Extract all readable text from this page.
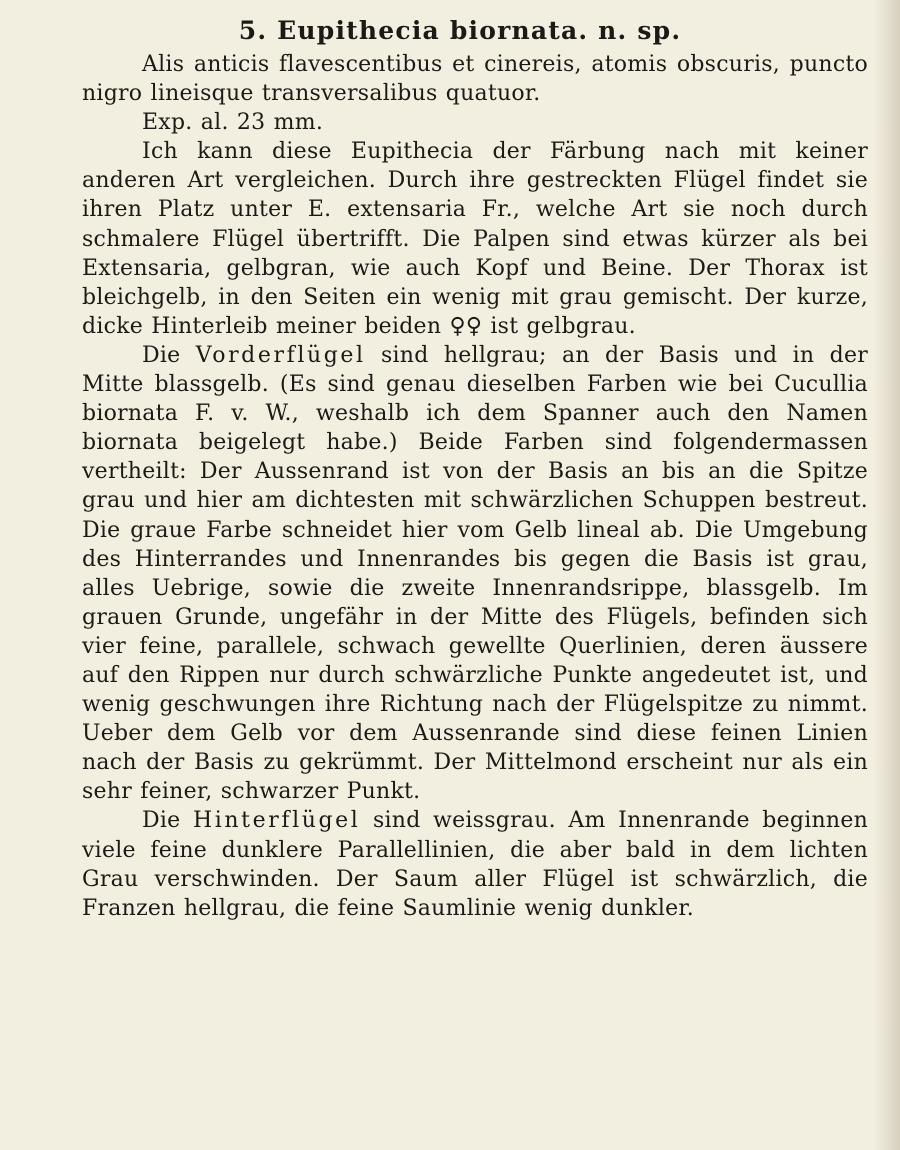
5. Eupithecia biornata. n. sp.

Alis anticis flavescentibus et cinereis, atomis obscuris, puncto nigro lineisque transversalibus quatuor.

Exp. al. 23 mm.

Ich kann diese Eupithecia der Färbung nach mit keiner anderen Art vergleichen. Durch ihre gestreckten Flügel findet sie ihren Platz unter E. extensaria Fr., welche Art sie noch durch schmalere Flügel übertrifft. Die Palpen sind etwas kürzer als bei Extensaria, gelbgran, wie auch Kopf und Beine. Der Thorax ist bleichgelb, in den Seiten ein wenig mit grau gemischt. Der kurze, dicke Hinterleib meiner beiden ♀♀ ist gelbgrau.

Die Vorderflügel sind hellgrau; an der Basis und in der Mitte blassgelb. (Es sind genau dieselben Farben wie bei Cucullia biornata F. v. W., weshalb ich dem Spanner auch den Namen biornata beigelegt habe.) Beide Farben sind folgendermassen vertheilt: Der Aussenrand ist von der Basis an bis an die Spitze grau und hier am dichtesten mit schwärzlichen Schuppen bestreut. Die graue Farbe schneidet hier vom Gelb lineal ab. Die Umgebung des Hinterrandes und Innenrandes bis gegen die Basis ist grau, alles Uebrige, sowie die zweite Innenrandsrippe, blassgelb. Im grauen Grunde, ungefähr in der Mitte des Flügels, befinden sich vier feine, parallele, schwach gewellte Querlinien, deren äussere auf den Rippen nur durch schwärzliche Punkte angedeutet ist, und wenig geschwungen ihre Richtung nach der Flügelspitze zu nimmt. Ueber dem Gelb vor dem Aussenrande sind diese feinen Linien nach der Basis zu gekrümmt. Der Mittelmond erscheint nur als ein sehr feiner, schwarzer Punkt.

Die Hinterflügel sind weissgrau. Am Innenrande beginnen viele feine dunklere Parallellinien, die aber bald in dem lichten Grau verschwinden. Der Saum aller Flügel ist schwärzlich, die Franzen hellgrau, die feine Saumlinie wenig dunkler.
